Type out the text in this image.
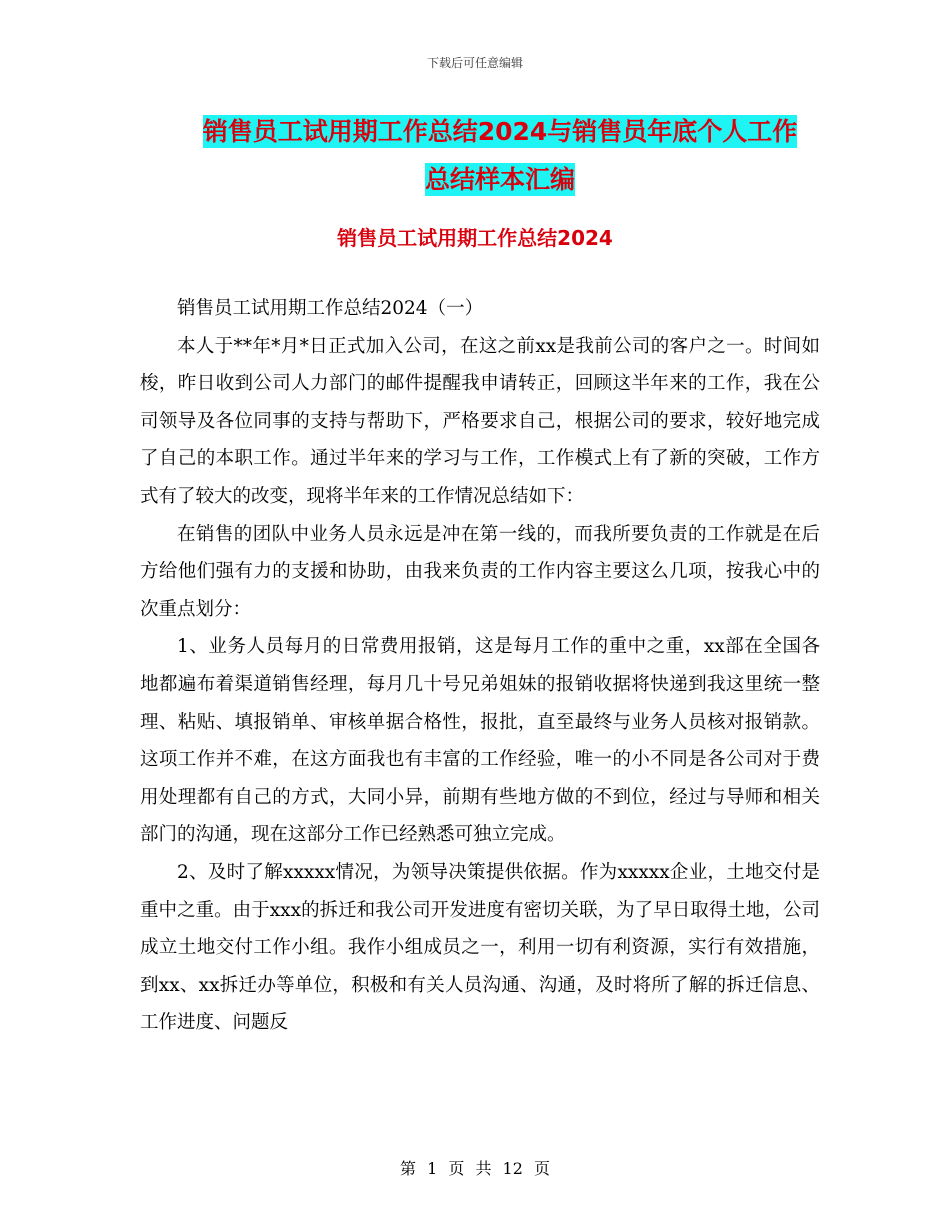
下载后可任意编辑
销售员工试用期工作总结2024与销售员年底个人工作
总结样本汇编
销售员工试用期工作总结2024

销售员工试用期工作总结2024（一）

本人于**年*月*日正式加入公司，在这之前xx是我前公司的客户之一。时间如梭，昨日收到公司人力部门的邮件提醒我申请转正，回顾这半年来的工作，我在公司领导及各位同事的支持与帮助下，严格要求自己，根据公司的要求，较好地完成了自己的本职工作。通过半年来的学习与工作，工作模式上有了新的突破，工作方式有了较大的改变，现将半年来的工作情况总结如下：

在销售的团队中业务人员永远是冲在第一线的，而我所要负责的工作就是在后方给他们强有力的支援和协助，由我来负责的工作内容主要这么几项，按我心中的次重点划分：

1、业务人员每月的日常费用报销，这是每月工作的重中之重，xx部在全国各地都遍布着渠道销售经理，每月几十号兄弟姐妹的报销收据将快递到我这里统一整理、粘贴、填报销单、审核单据合格性，报批，直至最终与业务人员核对报销款。这项工作并不难，在这方面我也有丰富的工作经验，唯一的小不同是各公司对于费用处理都有自己的方式，大同小异，前期有些地方做的不到位，经过与导师和相关部门的沟通，现在这部分工作已经熟悉可独立完成。

2、及时了解xxxxx情况，为领导决策提供依据。作为xxxxx企业，土地交付是重中之重。由于xxx的拆迁和我公司开发进度有密切关联，为了早日取得土地，公司成立土地交付工作小组。我作小组成员之一，利用一切有利资源，实行有效措施，到xx、xx拆迁办等单位，积极和有关人员沟通、沟通，及时将所了解的拆迁信息、工作进度、问题反

第 1 页 共 12 页
